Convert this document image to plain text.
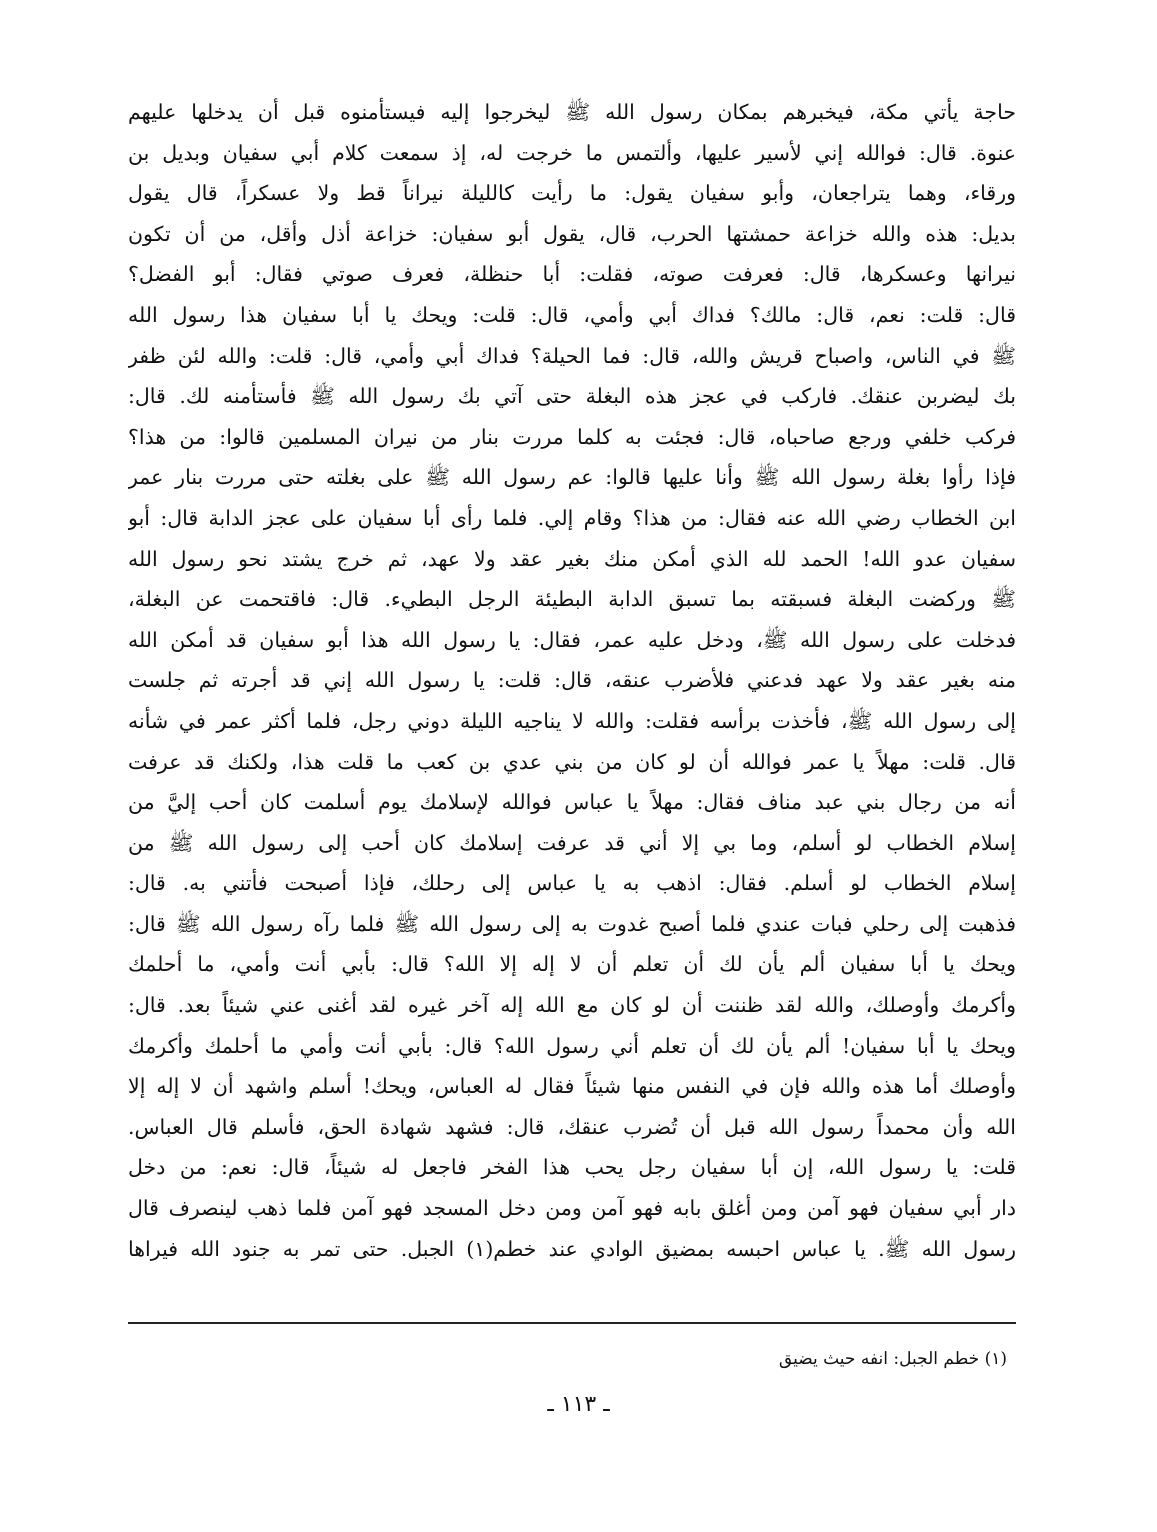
حاجة يأتي مكة، فيخبرهم بمكان رسول الله ﷺ ليخرجوا إليه فيستأمنوه قبل أن يدخلها عليهم
عنوة. قال: فوالله إني لأسير عليها، وألتمس ما خرجت له، إذ سمعت كلام أبي سفيان وبديل بن
ورقاء، وهما يتراجعان، وأبو سفيان يقول: ما رأيت كالليلة نيراناً قط ولا عسكراً، قال يقول
بديل: هذه والله خزاعة حمشتها الحرب، قال، يقول أبو سفيان: خزاعة أذل وأقل، من أن تكون
نيرانها وعسكرها، قال: فعرفت صوته، فقلت: أبا حنظلة، فعرف صوتي فقال: أبو الفضل؟
قال: قلت: نعم، قال: مالك؟ فداك أبي وأمي، قال: قلت: ويحك يا أبا سفيان هذا رسول الله
ﷺ في الناس، واصباح قريش والله، قال: فما الحيلة؟ فداك أبي وأمي، قال: قلت: والله لئن ظفر
بك ليضربن عنقك. فاركب في عجز هذه البغلة حتى آتي بك رسول الله ﷺ فأستأمنه لك. قال:
فركب خلفي ورجع صاحباه، قال: فجئت به كلما مررت بنار من نيران المسلمين قالوا: من هذا؟
فإذا رأوا بغلة رسول الله ﷺ وأنا عليها قالوا: عم رسول الله ﷺ على بغلته حتى مررت بنار عمر
ابن الخطاب رضي الله عنه فقال: من هذا؟ وقام إلي. فلما رأى أبا سفيان على عجز الدابة قال: أبو
سفيان عدو الله! الحمد لله الذي أمكن منك بغير عقد ولا عهد، ثم خرج يشتد نحو رسول الله
ﷺ وركضت البغلة فسبقته بما تسبق الدابة البطيئة الرجل البطيء. قال: فاقتحمت عن البغلة،
فدخلت على رسول الله ﷺ، ودخل عليه عمر، فقال: يا رسول الله هذا أبو سفيان قد أمكن الله
منه بغير عقد ولا عهد فدعني فلأضرب عنقه، قال: قلت: يا رسول الله إني قد أجرته ثم جلست
إلى رسول الله ﷺ، فأخذت برأسه فقلت: والله لا يناجيه الليلة دوني رجل، فلما أكثر عمر في شأنه
قال. قلت: مهلاً يا عمر فوالله أن لو كان من بني عدي بن كعب ما قلت هذا، ولكنك قد عرفت
أنه من رجال بني عبد مناف فقال: مهلاً يا عباس فوالله لإسلامك يوم أسلمت كان أحب إليَّ من
إسلام الخطاب لو أسلم، وما بي إلا أني قد عرفت إسلامك كان أحب إلى رسول الله ﷺ من
إسلام الخطاب لو أسلم. فقال: اذهب به يا عباس إلى رحلك، فإذا أصبحت فأتني به. قال:
فذهبت إلى رحلي فبات عندي فلما أصبح غدوت به إلى رسول الله ﷺ فلما رآه رسول الله ﷺ قال:
ويحك يا أبا سفيان ألم يأن لك أن تعلم أن لا إله إلا الله؟ قال: بأبي أنت وأمي، ما أحلمك
وأكرمك وأوصلك، والله لقد ظننت أن لو كان مع الله إله آخر غيره لقد أغنى عني شيئاً بعد. قال:
ويحك يا أبا سفيان! ألم يأن لك أن تعلم أني رسول الله؟ قال: بأبي أنت وأمي ما أحلمك وأكرمك
وأوصلك أما هذه والله فإن في النفس منها شيئاً فقال له العباس، ويحك! أسلم واشهد أن لا إله إلا
الله وأن محمداً رسول الله قبل أن تُضرب عنقك، قال: فشهد شهادة الحق، فأسلم قال العباس.
قلت: يا رسول الله، إن أبا سفيان رجل يحب هذا الفخر فاجعل له شيئاً، قال: نعم: من دخل
دار أبي سفيان فهو آمن ومن أغلق بابه فهو آمن ومن دخل المسجد فهو آمن فلما ذهب لينصرف قال
رسول الله ﷺ. يا عباس احبسه بمضيق الوادي عند خطم(١) الجبل. حتى تمر به جنود الله فيراها
(١) خطم الجبل: انفه حيث يضيق
ـ ١١٣ ـ
